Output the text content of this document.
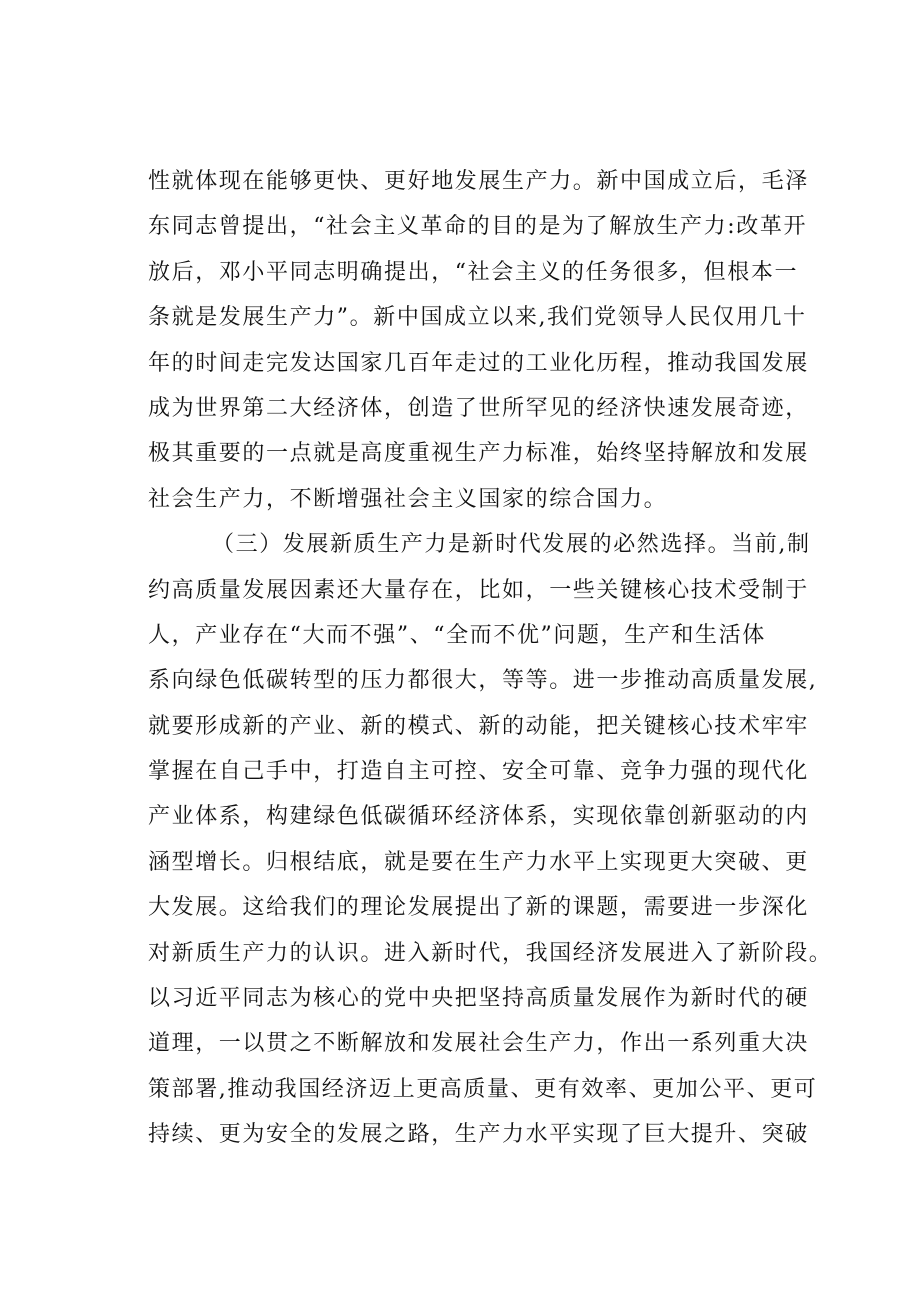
性就体现在能够更快、更好地发展生产力。新中国成立后，毛泽
东同志曾提出，“社会主义革命的目的是为了解放生产力:改革开
放后，邓小平同志明确提出，“社会主义的任务很多，但根本一
条就是发展生产力”。新中国成立以来,我们党领导人民仅用几十
年的时间走完发达国家几百年走过的工业化历程，推动我国发展
成为世界第二大经济体，创造了世所罕见的经济快速发展奇迹，
极其重要的一点就是高度重视生产力标准，始终坚持解放和发展
社会生产力，不断增强社会主义国家的综合国力。
（三）发展新质生产力是新时代发展的必然选择。当前,制
约高质量发展因素还大量存在，比如，一些关键核心技术受制于
人，产业存在“大而不强”、“全而不优”问题，生产和生活体
系向绿色低碳转型的压力都很大，等等。进一步推动高质量发展,
就要形成新的产业、新的模式、新的动能，把关键核心技术牢牢
掌握在自己手中，打造自主可控、安全可靠、竞争力强的现代化
产业体系，构建绿色低碳循环经济体系，实现依靠创新驱动的内
涵型增长。归根结底，就是要在生产力水平上实现更大突破、更
大发展。这给我们的理论发展提出了新的课题，需要进一步深化
对新质生产力的认识。进入新时代，我国经济发展进入了新阶段。
以习近平同志为核心的党中央把坚持高质量发展作为新时代的硬
道理，一以贯之不断解放和发展社会生产力，作出一系列重大决
策部署,推动我国经济迈上更高质量、更有效率、更加公平、更可
持续、更为安全的发展之路，生产力水平实现了巨大提升、突破
